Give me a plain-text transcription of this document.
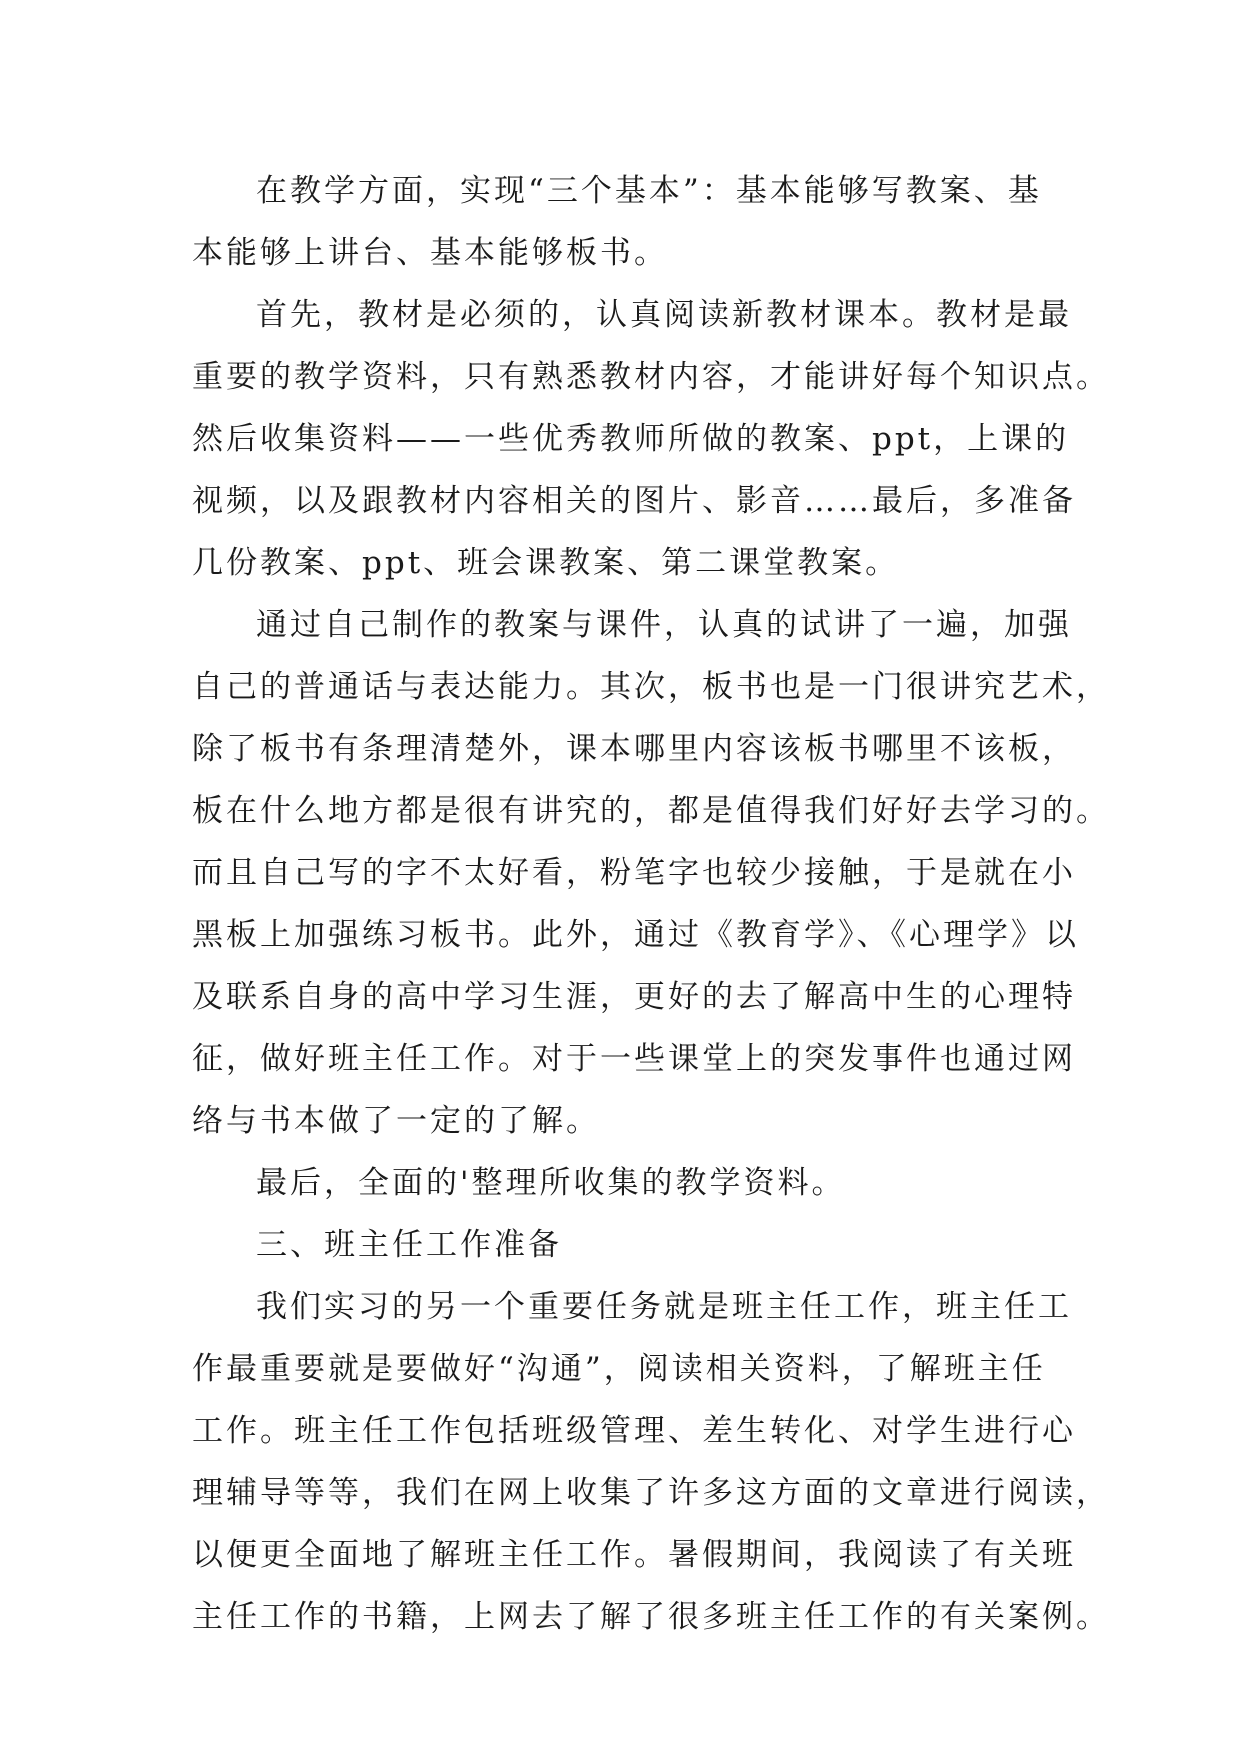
在教学方面，实现“三个基本”：基本能够写教案、基
本能够上讲台、基本能够板书。
首先，教材是必须的，认真阅读新教材课本。教材是最
重要的教学资料，只有熟悉教材内容，才能讲好每个知识点。
然后收集资料——一些优秀教师所做的教案、ppt，上课的
视频，以及跟教材内容相关的图片、影音……最后，多准备
几份教案、ppt、班会课教案、第二课堂教案。
通过自己制作的教案与课件，认真的试讲了一遍，加强
自己的普通话与表达能力。其次，板书也是一门很讲究艺术，
除了板书有条理清楚外，课本哪里内容该板书哪里不该板，
板在什么地方都是很有讲究的，都是值得我们好好去学习的。
而且自己写的字不太好看，粉笔字也较少接触，于是就在小
黑板上加强练习板书。此外，通过《教育学》、《心理学》以
及联系自身的高中学习生涯，更好的去了解高中生的心理特
征，做好班主任工作。对于一些课堂上的突发事件也通过网
络与书本做了一定的了解。
最后，全面的'整理所收集的教学资料。
三、班主任工作准备
我们实习的另一个重要任务就是班主任工作，班主任工
作最重要就是要做好“沟通”，阅读相关资料，了解班主任
工作。班主任工作包括班级管理、差生转化、对学生进行心
理辅导等等，我们在网上收集了许多这方面的文章进行阅读，
以便更全面地了解班主任工作。暑假期间，我阅读了有关班
主任工作的书籍，上网去了解了很多班主任工作的有关案例。
